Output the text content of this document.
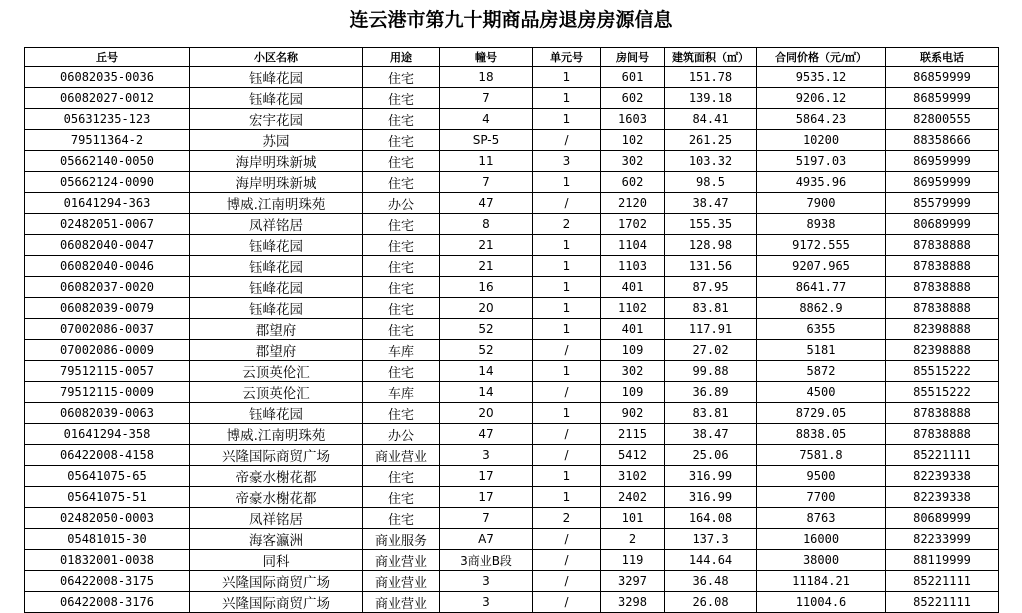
连云港市第九十期商品房退房房源信息
丘号	小区名称	用途	幢号	单元号	房间号	建筑面积（㎡）	合同价格（元/㎡）	联系电话
06082035-0036	钰峰花园	住宅	18	1	601	151.78	9535.12	86859999
06082027-0012	钰峰花园	住宅	7	1	602	139.18	9206.12	86859999
05631235-123	宏宇花园	住宅	4	1	1603	84.41	5864.23	82800555
79511364-2	苏园	住宅	SP-5	/	102	261.25	10200	88358666
05662140-0050	海岸明珠新城	住宅	11	3	302	103.32	5197.03	86959999
05662124-0090	海岸明珠新城	住宅	7	1	602	98.5	4935.96	86959999
01641294-363	博威.江南明珠苑	办公	47	/	2120	38.47	7900	85579999
02482051-0067	凤祥铭居	住宅	8	2	1702	155.35	8938	80689999
06082040-0047	钰峰花园	住宅	21	1	1104	128.98	9172.555	87838888
06082040-0046	钰峰花园	住宅	21	1	1103	131.56	9207.965	87838888
06082037-0020	钰峰花园	住宅	16	1	401	87.95	8641.77	87838888
06082039-0079	钰峰花园	住宅	20	1	1102	83.81	8862.9	87838888
07002086-0037	郡望府	住宅	52	1	401	117.91	6355	82398888
07002086-0009	郡望府	车库	52	/	109	27.02	5181	82398888
79512115-0057	云顶英伦汇	住宅	14	1	302	99.88	5872	85515222
79512115-0009	云顶英伦汇	车库	14	/	109	36.89	4500	85515222
06082039-0063	钰峰花园	住宅	20	1	902	83.81	8729.05	87838888
01641294-358	博威.江南明珠苑	办公	47	/	2115	38.47	8838.05	87838888
06422008-4158	兴隆国际商贸广场	商业营业	3	/	5412	25.06	7581.8	85221111
05641075-65	帝豪水榭花都	住宅	17	1	3102	316.99	9500	82239338
05641075-51	帝豪水榭花都	住宅	17	1	2402	316.99	7700	82239338
02482050-0003	凤祥铭居	住宅	7	2	101	164.08	8763	80689999
05481015-30	海客瀛洲	商业服务	A7	/	2	137.3	16000	82233999
01832001-0038	同科	商业营业	3商业B段	/	119	144.64	38000	88119999
06422008-3175	兴隆国际商贸广场	商业营业	3	/	3297	36.48	11184.21	85221111
06422008-3176	兴隆国际商贸广场	商业营业	3	/	3298	26.08	11004.6	85221111
